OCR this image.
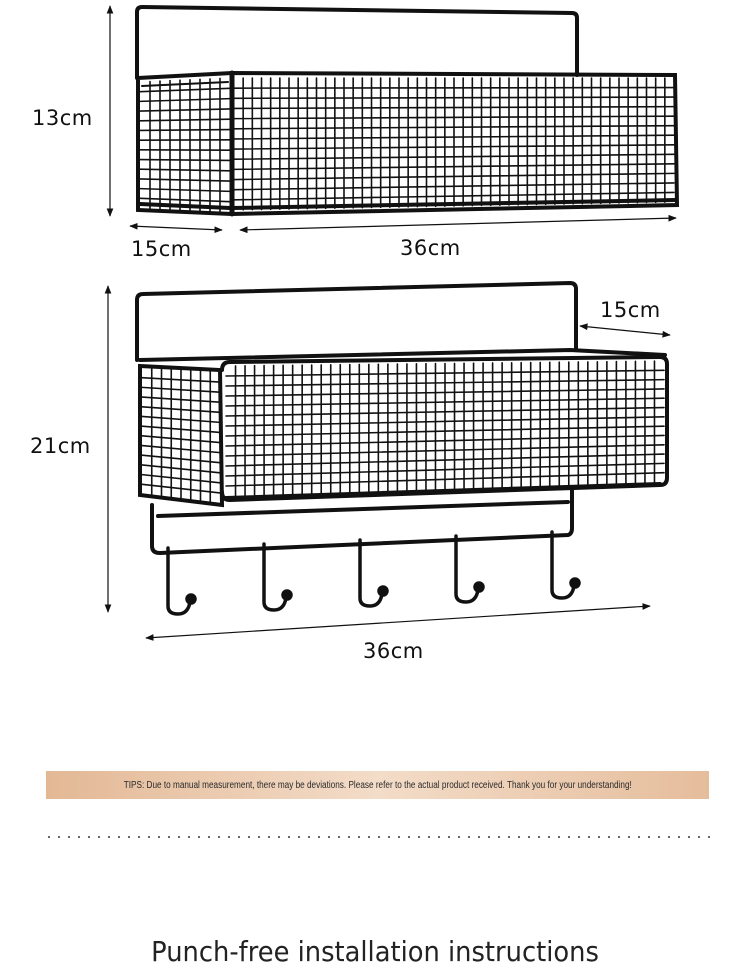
13cm
15cm	36cm
21cm
15cm
36cm
TIPS: Due to manual measurement, there may be deviations. Please refer to the actual product received. Thank you for your understanding!
Punch-free installation instructions
